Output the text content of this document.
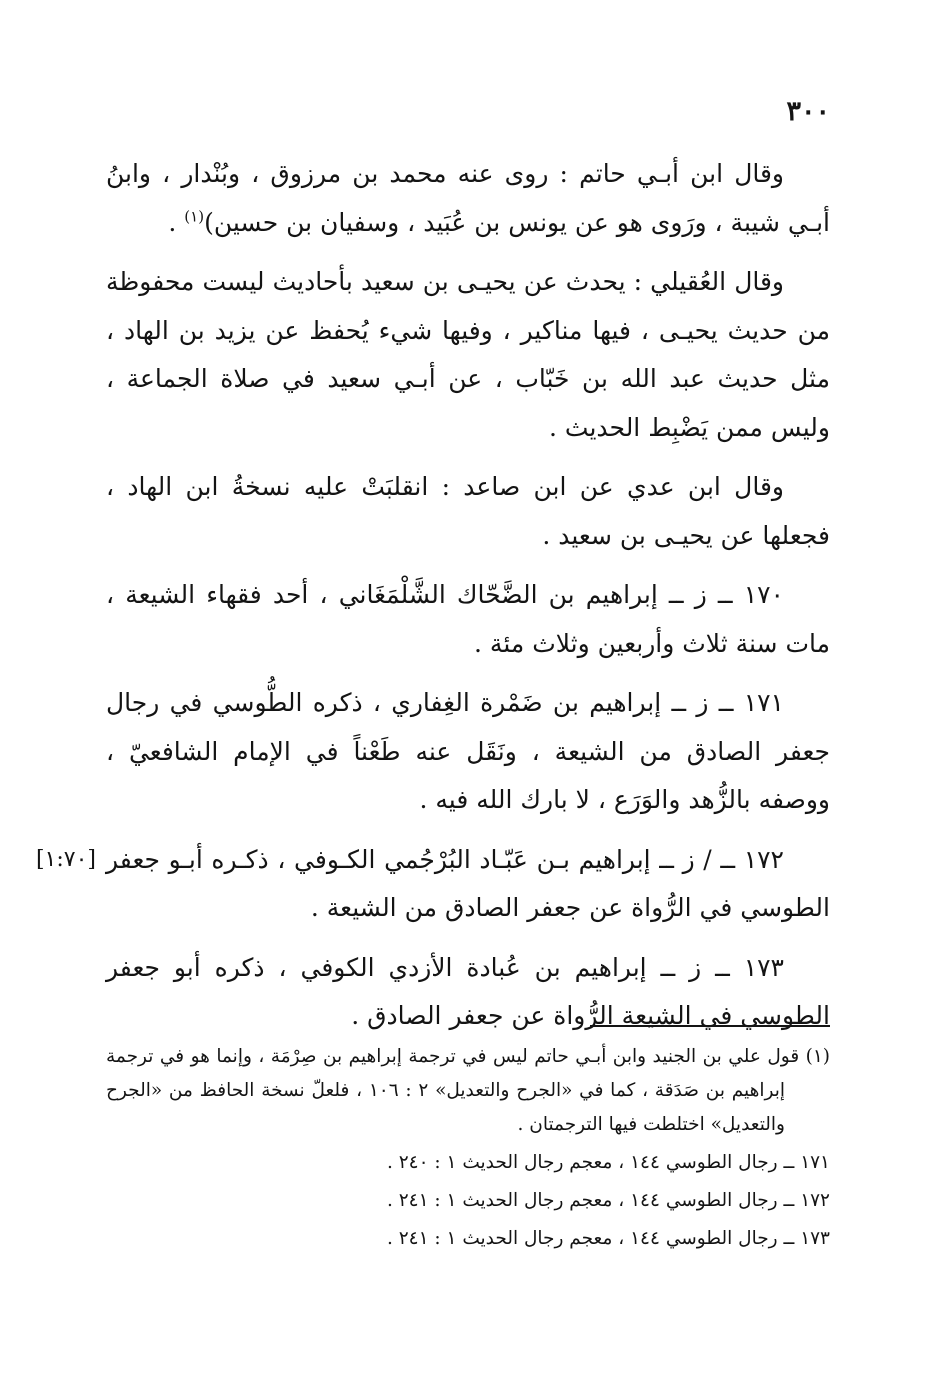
٣٠٠

وقال ابن أبـي حاتم : روى عنه محمد بن مرزوق ، وبُنْدار ، وابنُ أبـي شيبة ، ورَوى هو عن يونس بن عُبَيد ، وسفيان بن حسين)$^{(١)}$ .

وقال العُقيلي : يحدث عن يحيـى بن سعيد بأحاديث ليست محفوظة من حديث يحيـى ، فيها مناكير ، وفيها شيء يُحفظ عن يزيد بن الهاد ، مثل حديث عبد الله بن خَبّاب ، عن أبـي سعيد في صلاة الجماعة ، وليس ممن يَضْبِط الحديث .

وقال ابن عدي عن ابن صاعد : انقلبَتْ عليه نسخةُ ابن الهاد ، فجعلها عن يحيـى بن سعيد .

١٧٠ ــ ز ــ إبراهيم بن الضَّحّاك الشَّلْمَغَاني ، أحد فقهاء الشيعة ، مات سنة ثلاث وأربعين وثلاث مئة .

١٧١ ــ ز ــ إبراهيم بن ضَمْرة الغِفاري ، ذكره الطُّوسي في رجال جعفر الصادق من الشيعة ، ونَقَل عنه طَعْناً في الإمام الشافعيّ ، ووصفه بالزُّهد والوَرَع ، لا بارك الله فيه .

١٧٢ ــ / ز ــ إبراهيم بـن عَبّـاد البُرْجُمي الكـوفي ، ذكـره أبـو جعفر الطوسي في الرُّواة عن جعفر الصادق من الشيعة .
[١:٧٠]

١٧٣ ــ ز ــ إبراهيم بن عُبادة الأزدي الكوفي ، ذكره أبو جعفر الطوسي في الشيعة الرُّواة عن جعفر الصادق .

(١) قول علي بن الجنيد وابن أبـي حاتم ليس في ترجمة إبراهيم بن صِرْمَة ، وإنما هو في ترجمة إبراهيم بن صَدَقة ، كما في «الجرح والتعديل» ٢ : ١٠٦ ، فلعلّ نسخة الحافظ من «الجرح والتعديل» اختلطت فيها الترجمتان .

١٧١ ــ رجال الطوسي ١٤٤ ، معجم رجال الحديث ١ : ٢٤٠ .

١٧٢ ــ رجال الطوسي ١٤٤ ، معجم رجال الحديث ١ : ٢٤١ .

١٧٣ ــ رجال الطوسي ١٤٤ ، معجم رجال الحديث ١ : ٢٤١ .
